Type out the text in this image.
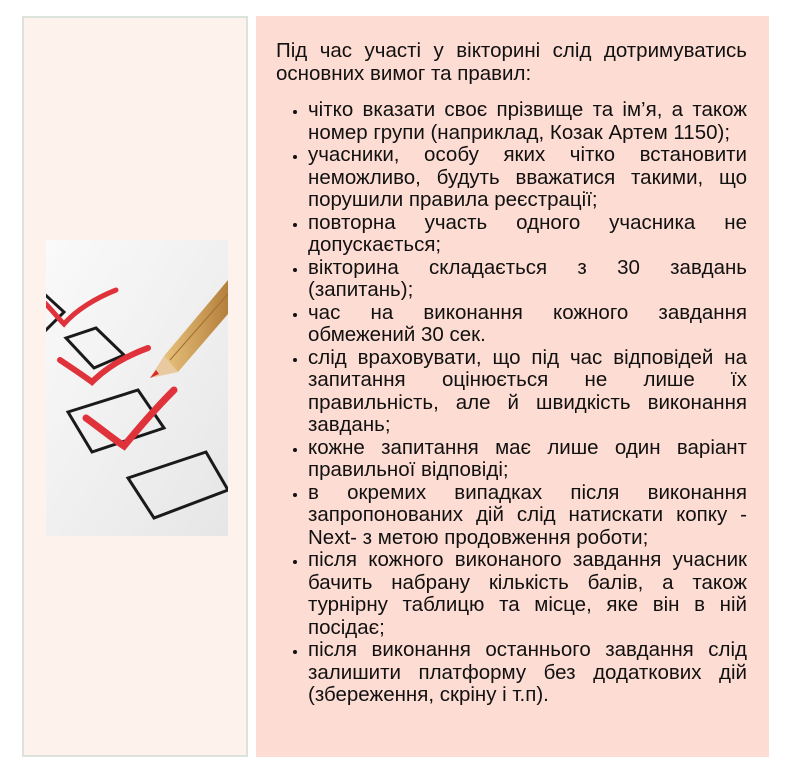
Під час участі у вікторині слід дотримуватись основних вимог та правил:

• чітко вказати своє прізвище та ім’я, а також номер групи (наприклад, Козак Артем 1150);
• учасники, особу яких чітко встановити неможливо, будуть вважатися такими, що порушили правила реєстрації;
• повторна участь одного учасника не допускається;
• вікторина складається з 30 завдань (запитань);
• час на виконання кожного завдання обмежений 30 сек.
• слід враховувати, що під час відповідей на запитання оцінюється не лише їх правильність, але й швидкість виконання завдань;
• кожне запитання має лише один варіант правильної відповіді;
• в окремих випадках після виконання запропонованих дій слід натискати копку -Next- з метою продовження роботи;
• після кожного виконаного завдання учасник бачить набрану кількість балів, а також турнірну таблицю та місце, яке він в ній посідає;
• після виконання останнього завдання слід залишити платформу без додаткових дій (збереження, скріну і т.п).
